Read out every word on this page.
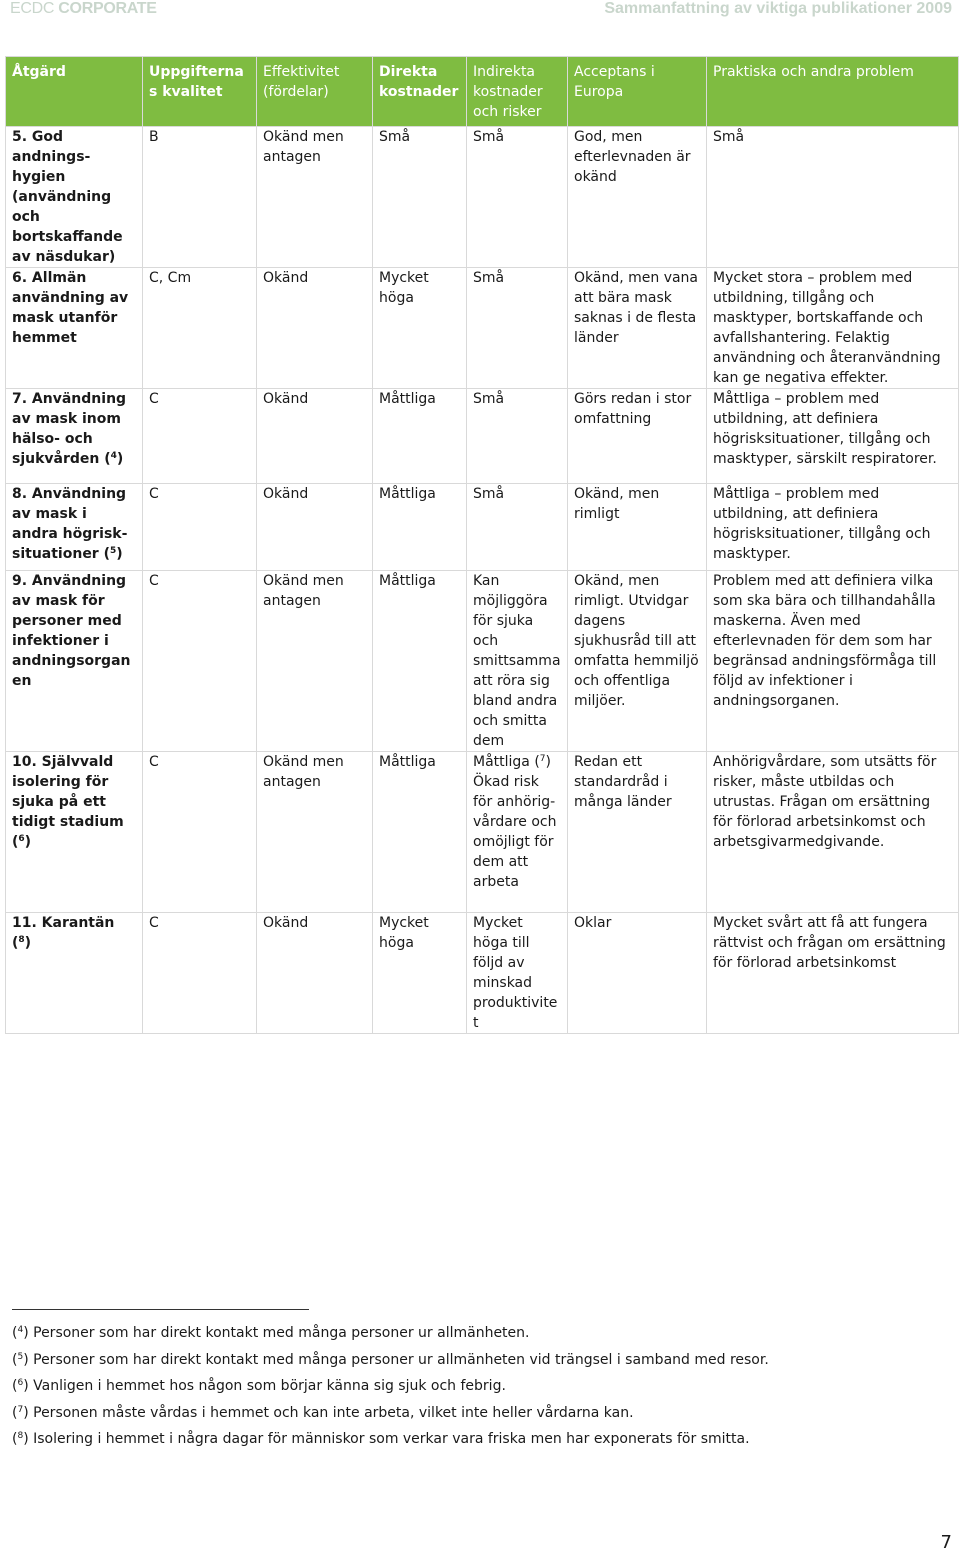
ECDC CORPORATE	Sammanfattning av viktiga publikationer 2009
Åtgärd	Uppgifternas kvalitet	Effektivitet (fördelar)	Direkta kostnader	Indirekta kostnader och risker	Acceptans i Europa	Praktiska och andra problem
5. God andnings-hygien (användning och bortskaffande av näsdukar)	B	Okänd men antagen	Små	Små	God, men efterlevnaden är okänd	Små
6. Allmän användning av mask utanför hemmet	C, Cm	Okänd	Mycket höga	Små	Okänd, men vana att bära mask saknas i de flesta länder	Mycket stora – problem med utbildning, tillgång och masktyper, bortskaffande och avfallshantering. Felaktig användning och återanvändning kan ge negativa effekter.
7. Användning av mask inom hälso- och sjukvården ($^4$)	C	Okänd	Måttliga	Små	Görs redan i stor omfattning	Måttliga – problem med utbildning, att definiera högrisksituationer, tillgång och masktyper, särskilt respiratorer.
8. Användning av mask i andra högrisk-situationer ($^5$)	C	Okänd	Måttliga	Små	Okänd, men rimligt	Måttliga – problem med utbildning, att definiera högrisksituationer, tillgång och masktyper.
9. Användning av mask för personer med infektioner i andningsorgan en	C	Okänd men antagen	Måttliga	Kan möjliggöra för sjuka och smittsamma att röra sig bland andra och smitta dem	Okänd, men rimligt. Utvidgar dagens sjukhusråd till att omfatta hemmiljö och offentliga miljöer.	Problem med att definiera vilka som ska bära och tillhandahålla maskerna. Även med efterlevnaden för dem som har begränsad andningsförmåga till följd av infektioner i andningsorganen.
10. Självvald isolering för sjuka på ett tidigt stadium ($^6$)	C	Okänd men antagen	Måttliga	Måttliga ($^7$) Ökad risk för anhörig-vårdare och omöjligt för dem att arbeta	Redan ett standardråd i många länder	Anhörigvårdare, som utsätts för risker, måste utbildas och utrustas. Frågan om ersättning för förlorad arbetsinkomst och arbetsgivarmedgivande.
11. Karantän ($^8$)	C	Okänd	Mycket höga	Mycket höga till följd av minskad produktivitet	Oklar	Mycket svårt att få att fungera rättvist och frågan om ersättning för förlorad arbetsinkomst
($^4$) Personer som har direkt kontakt med många personer ur allmänheten.
($^5$) Personer som har direkt kontakt med många personer ur allmänheten vid trängsel i samband med resor.
($^6$) Vanligen i hemmet hos någon som börjar känna sig sjuk och febrig.
($^7$) Personen måste vårdas i hemmet och kan inte arbeta, vilket inte heller vårdarna kan.
($^8$) Isolering i hemmet i några dagar för människor som verkar vara friska men har exponerats för smitta.
7
